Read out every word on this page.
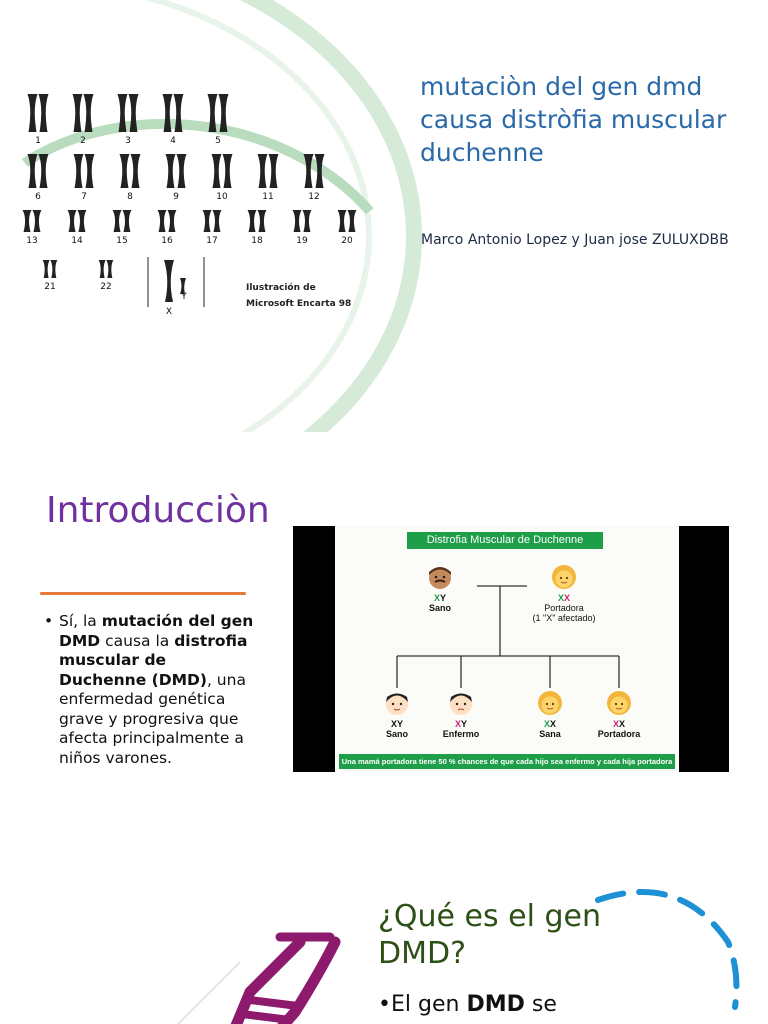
1	2	3	4	5
6	7	8	9	10	11	12
13	14	15	16	17	18	19	20
21	22
X
Y
Ilustración de
Microsoft Encarta 98
mutaciòn del gen dmd causa distròfia muscular duchenne
Marco Antonio Lopez y Juan jose ZULUXDBB
Introducciòn
• Sí, la mutación del gen DMD causa la distrofia muscular de Duchenne (DMD), una enfermedad genética grave y progresiva que afecta principalmente a niños varones.
Distrofia Muscular de Duchenne
XY
Sano
XX
Portadora
(1 "X" afectado)
XY
Sano
XY
Enfermo
XX
Sana
XX
Portadora
Una mamá portadora tiene 50 % chances de que cada hijo sea enfermo y cada hija portadora
¿Qué es el gen DMD?
•El gen DMD se
